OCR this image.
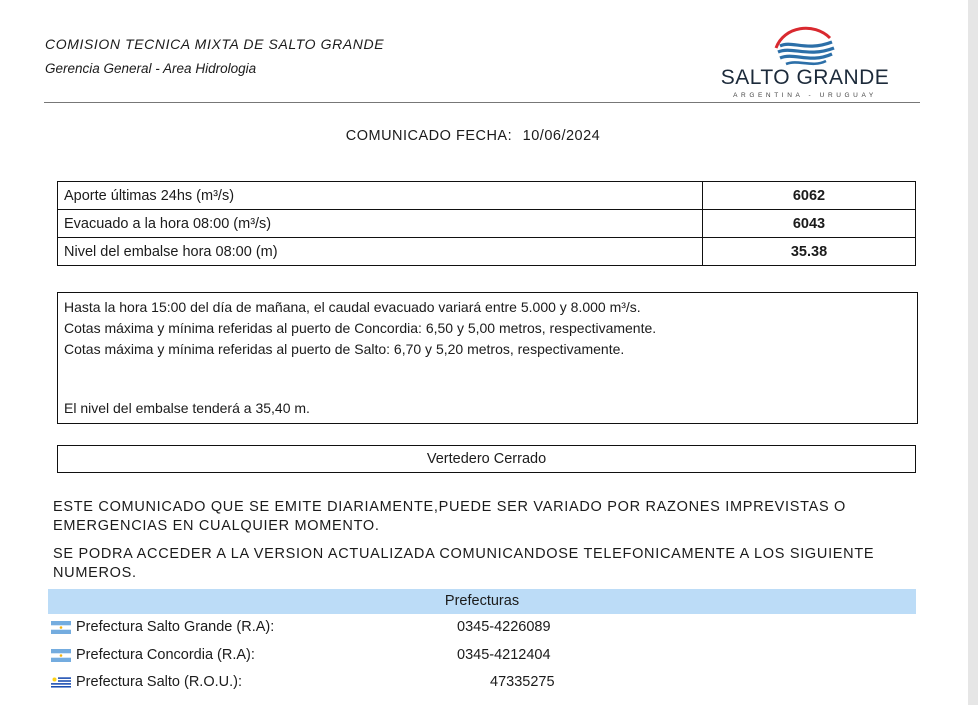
COMISION TECNICA MIXTA DE SALTO GRANDE
Gerencia General - Area Hidrologia	SALTO GRANDE
ARGENTINA - URUGUAY
COMUNICADO FECHA: 10/06/2024
Aporte últimas 24hs (m³/s)	6062
Evacuado a la hora 08:00 (m³/s)	6043
Nivel del embalse hora 08:00 (m)	35.38
Hasta la hora 15:00 del día de mañana, el caudal evacuado variará entre 5.000 y 8.000 m³/s.
Cotas máxima y mínima referidas al puerto de Concordia: 6,50 y 5,00 metros, respectivamente.
Cotas máxima y mínima referidas al puerto de Salto: 6,70 y 5,20 metros, respectivamente.
El nivel del embalse tenderá a 35,40 m.
Vertedero Cerrado
ESTE COMUNICADO QUE SE EMITE DIARIAMENTE,PUEDE SER VARIADO POR RAZONES IMPREVISTAS O EMERGENCIAS EN CUALQUIER MOMENTO.
SE PODRA ACCEDER A LA VERSION ACTUALIZADA COMUNICANDOSE TELEFONICAMENTE A LOS SIGUIENTE NUMEROS.
Prefecturas
Prefectura Salto Grande (R.A):	0345-4226089
Prefectura Concordia (R.A):	0345-4212404
Prefectura Salto (R.O.U.):	47335275
